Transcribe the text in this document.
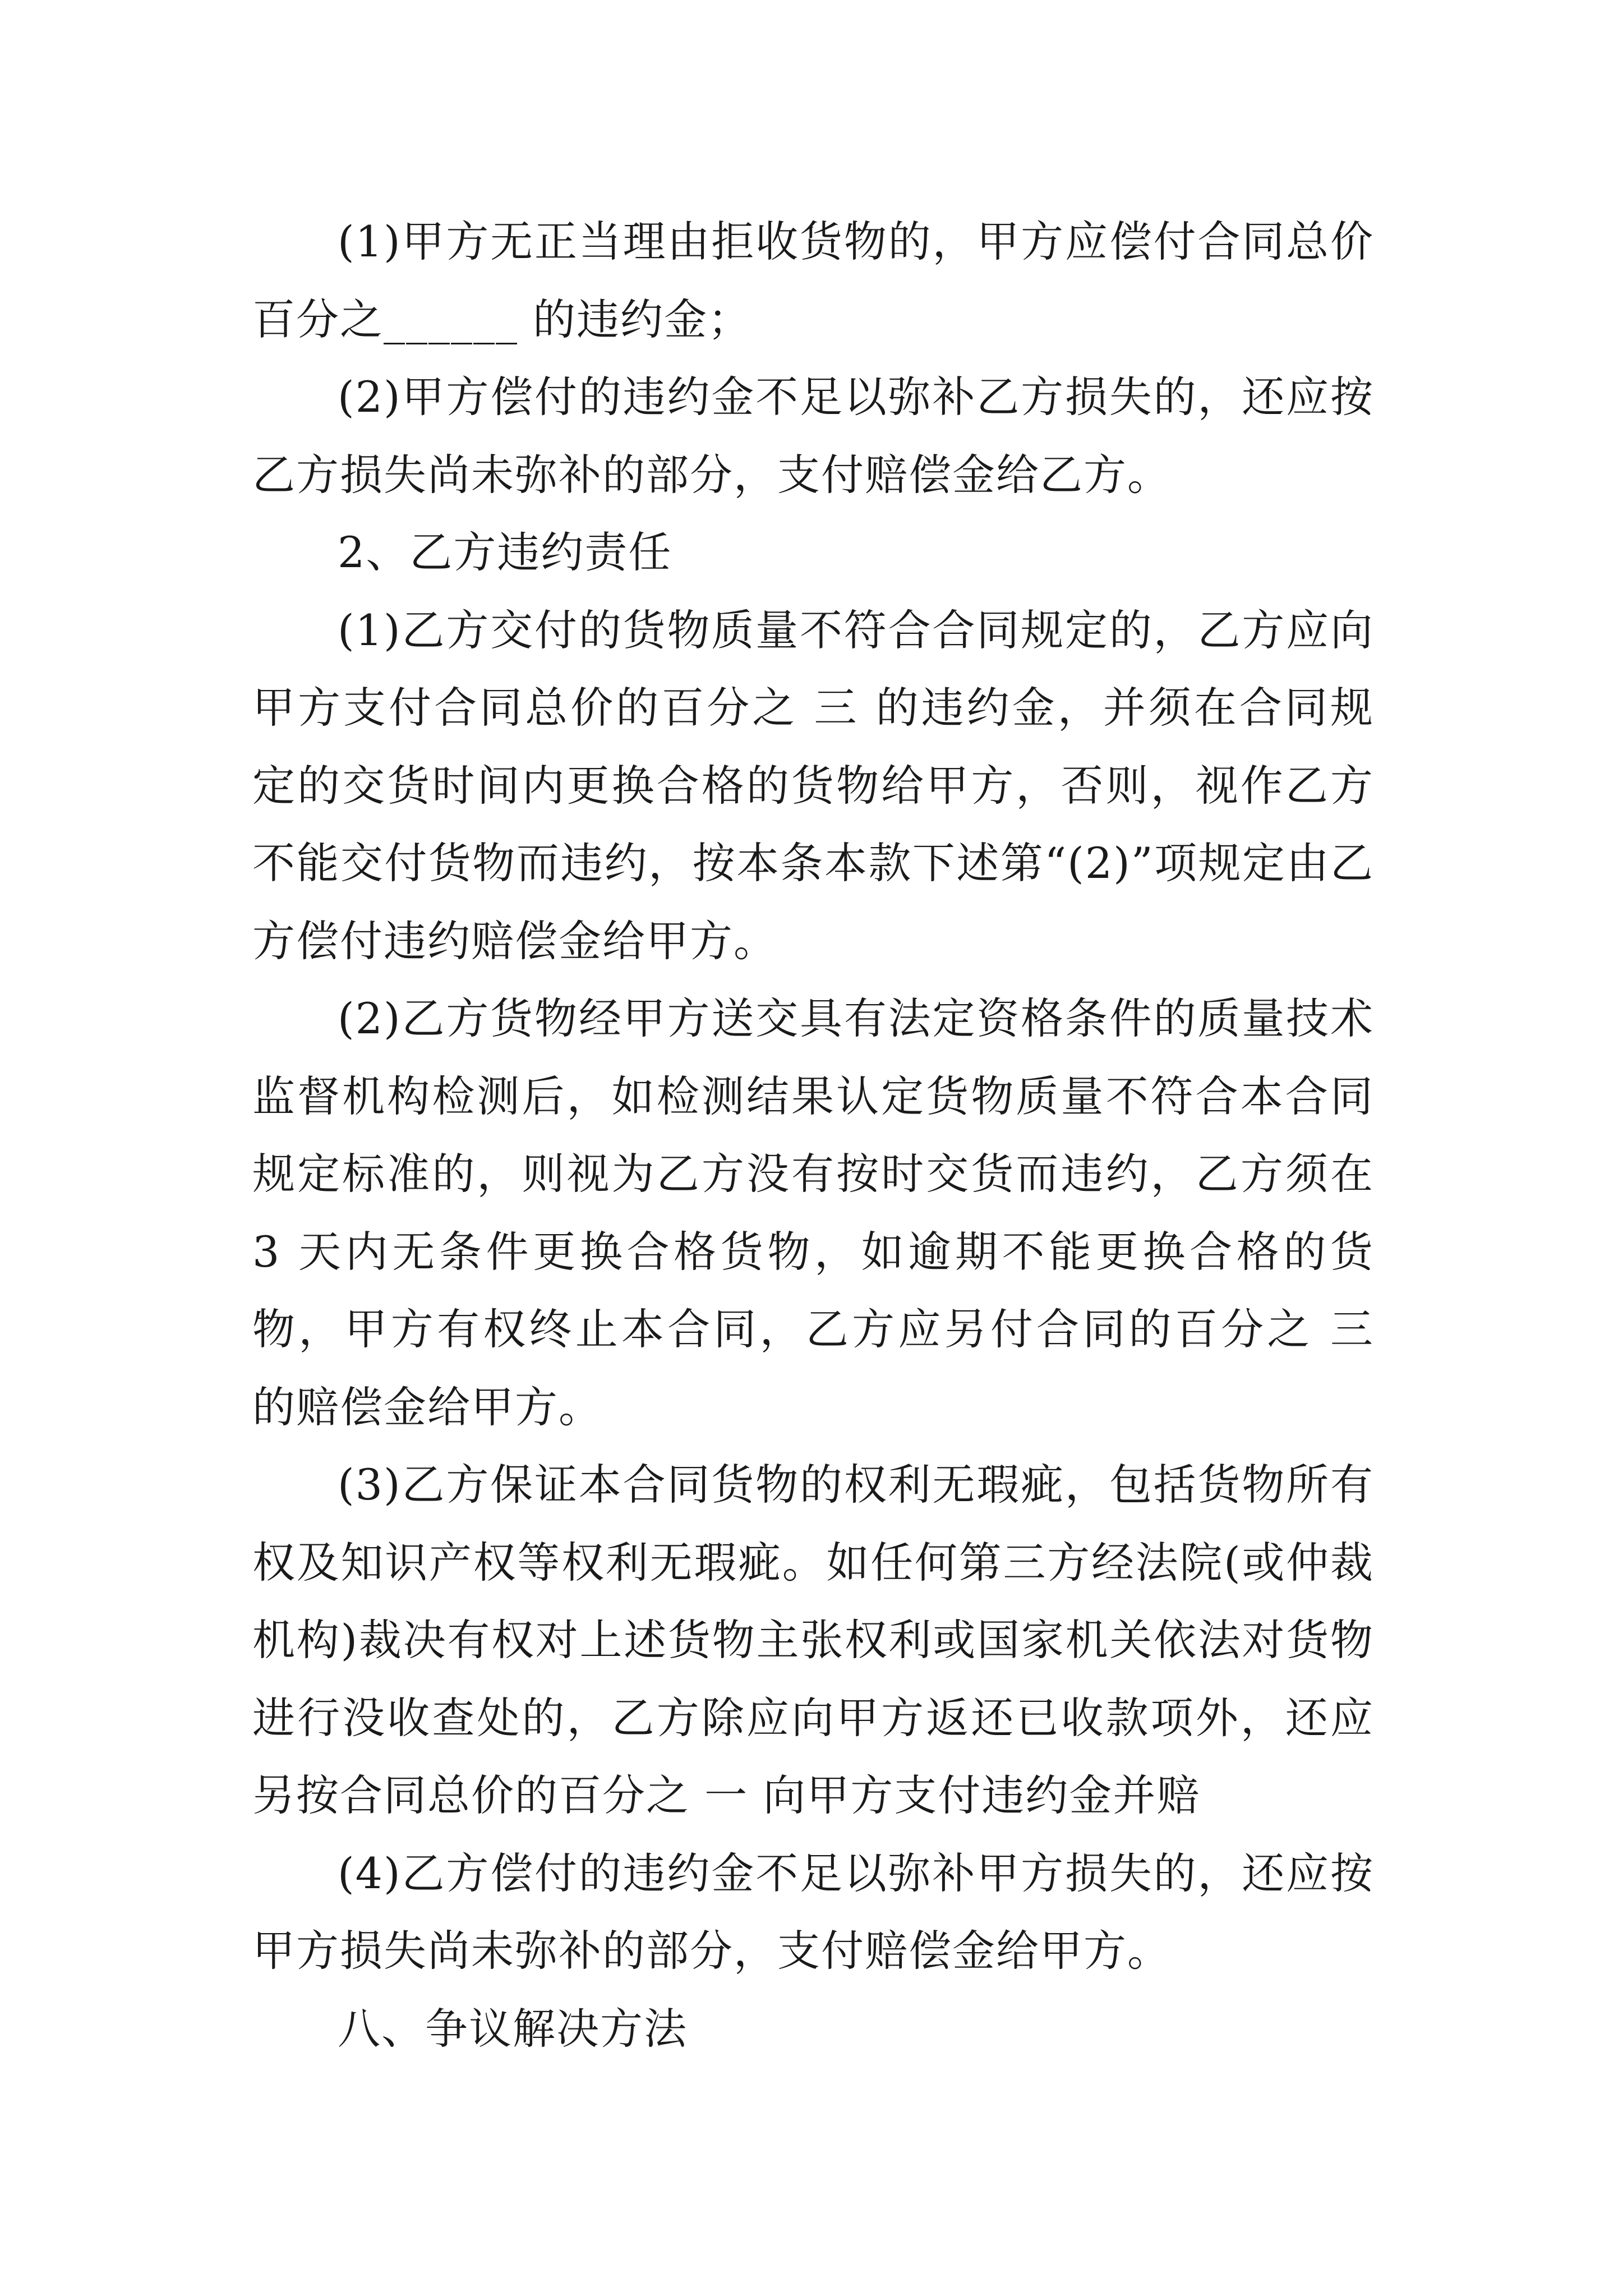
(1)甲方无正当理由拒收货物的，甲方应偿付合同总价百分之______ 的违约金；

(2)甲方偿付的违约金不足以弥补乙方损失的，还应按乙方损失尚未弥补的部分，支付赔偿金给乙方。

2、乙方违约责任

(1)乙方交付的货物质量不符合合同规定的，乙方应向甲方支付合同总价的百分之 三 的违约金，并须在合同规定的交货时间内更换合格的货物给甲方，否则，视作乙方不能交付货物而违约，按本条本款下述第“(2)”项规定由乙方偿付违约赔偿金给甲方。

(2)乙方货物经甲方送交具有法定资格条件的质量技术监督机构检测后，如检测结果认定货物质量不符合本合同规定标准的，则视为乙方没有按时交货而违约，乙方须在 3 天内无条件更换合格货物，如逾期不能更换合格的货物，甲方有权终止本合同，乙方应另付合同的百分之 三 的赔偿金给甲方。

(3)乙方保证本合同货物的权利无瑕疵，包括货物所有权及知识产权等权利无瑕疵。如任何第三方经法院(或仲裁机构)裁决有权对上述货物主张权利或国家机关依法对货物进行没收查处的，乙方除应向甲方返还已收款项外，还应另按合同总价的百分之 一 向甲方支付违约金并赔

(4)乙方偿付的违约金不足以弥补甲方损失的，还应按甲方损失尚未弥补的部分，支付赔偿金给甲方。

八、争议解决方法
